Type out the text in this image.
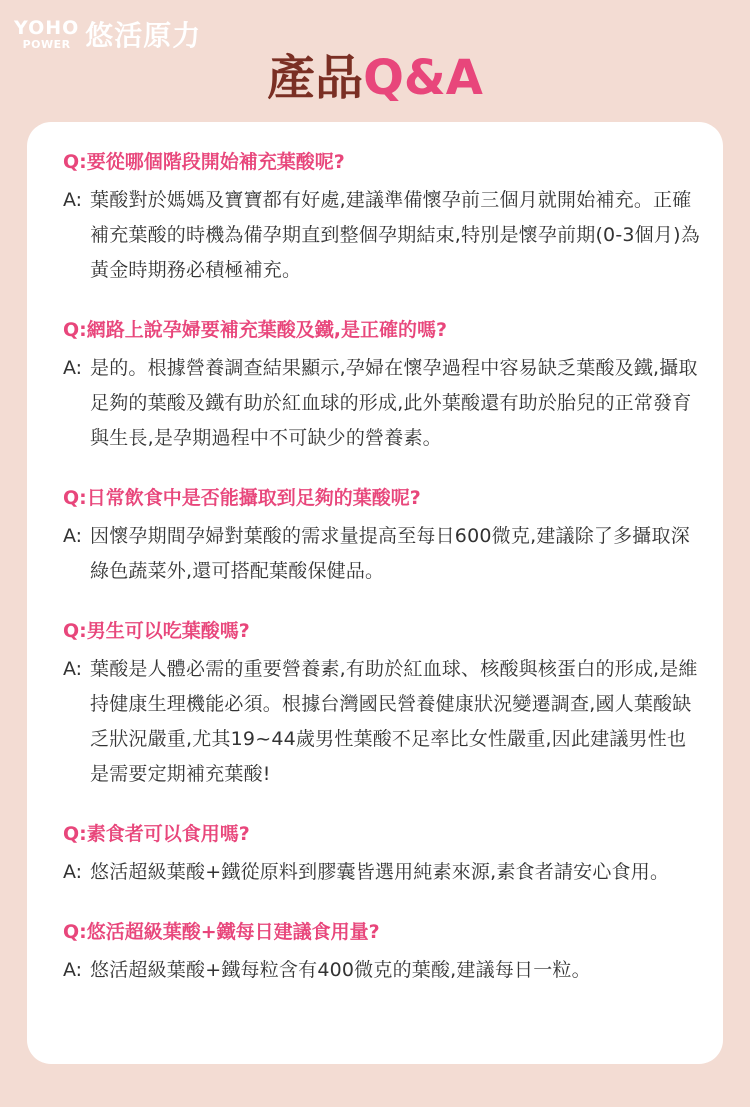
YOHO
POWER 悠活原力
產品Q&A
Q:要從哪個階段開始補充葉酸呢?
A: 葉酸對於媽媽及寶寶都有好處,建議準備懷孕前三個月就開始補充。正確補充葉酸的時機為備孕期直到整個孕期結束,特別是懷孕前期(0-3個月)為黃金時期務必積極補充。
Q:網路上說孕婦要補充葉酸及鐵,是正確的嗎?
A: 是的。根據營養調查結果顯示,孕婦在懷孕過程中容易缺乏葉酸及鐵,攝取足夠的葉酸及鐵有助於紅血球的形成,此外葉酸還有助於胎兒的正常發育與生長,是孕期過程中不可缺少的營養素。
Q:日常飲食中是否能攝取到足夠的葉酸呢?
A: 因懷孕期間孕婦對葉酸的需求量提高至每日600微克,建議除了多攝取深綠色蔬菜外,還可搭配葉酸保健品。
Q:男生可以吃葉酸嗎?
A: 葉酸是人體必需的重要營養素,有助於紅血球、核酸與核蛋白的形成,是維持健康生理機能必須。根據台灣國民營養健康狀況變遷調查,國人葉酸缺乏狀況嚴重,尤其19~44歲男性葉酸不足率比女性嚴重,因此建議男性也是需要定期補充葉酸!
Q:素食者可以食用嗎?
A: 悠活超級葉酸+鐵從原料到膠囊皆選用純素來源,素食者請安心食用。
Q:悠活超級葉酸+鐵每日建議食用量?
A: 悠活超級葉酸+鐵每粒含有400微克的葉酸,建議每日一粒。
